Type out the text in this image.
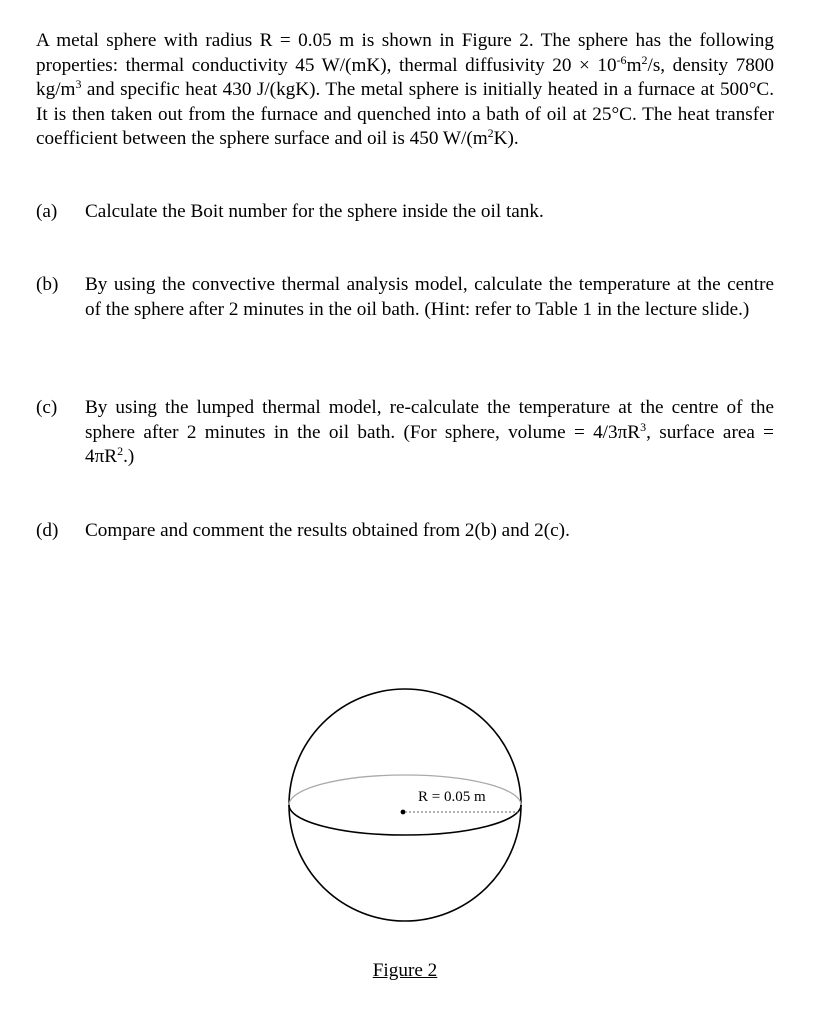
A metal sphere with radius R = 0.05 m is shown in Figure 2. The sphere has the following properties: thermal conductivity 45 W/(mK), thermal diffusivity $20 \times 10^{-6}m^2/s$, density 7800 $kg/m^3$ and specific heat 430 J/(kgK). The metal sphere is initially heated in a furnace at 500°C. It is then taken out from the furnace and quenched into a bath of oil at 25°C. The heat transfer coefficient between the sphere surface and oil is 450 $W/(m^2K)$.

(a)	Calculate the Boit number for the sphere inside the oil tank.
(b)	By using the convective thermal analysis model, calculate the temperature at the centre of the sphere after 2 minutes in the oil bath. (Hint: refer to Table 1 in the lecture slide.)
(c)	By using the lumped thermal model, re-calculate the temperature at the centre of the sphere after 2 minutes in the oil bath. (For sphere, volume = $4/3\pi R^3$, surface area = $4\pi R^2$.)
(d)	Compare and comment the results obtained from 2(b) and 2(c).
R = 0.05 m
Figure 2
